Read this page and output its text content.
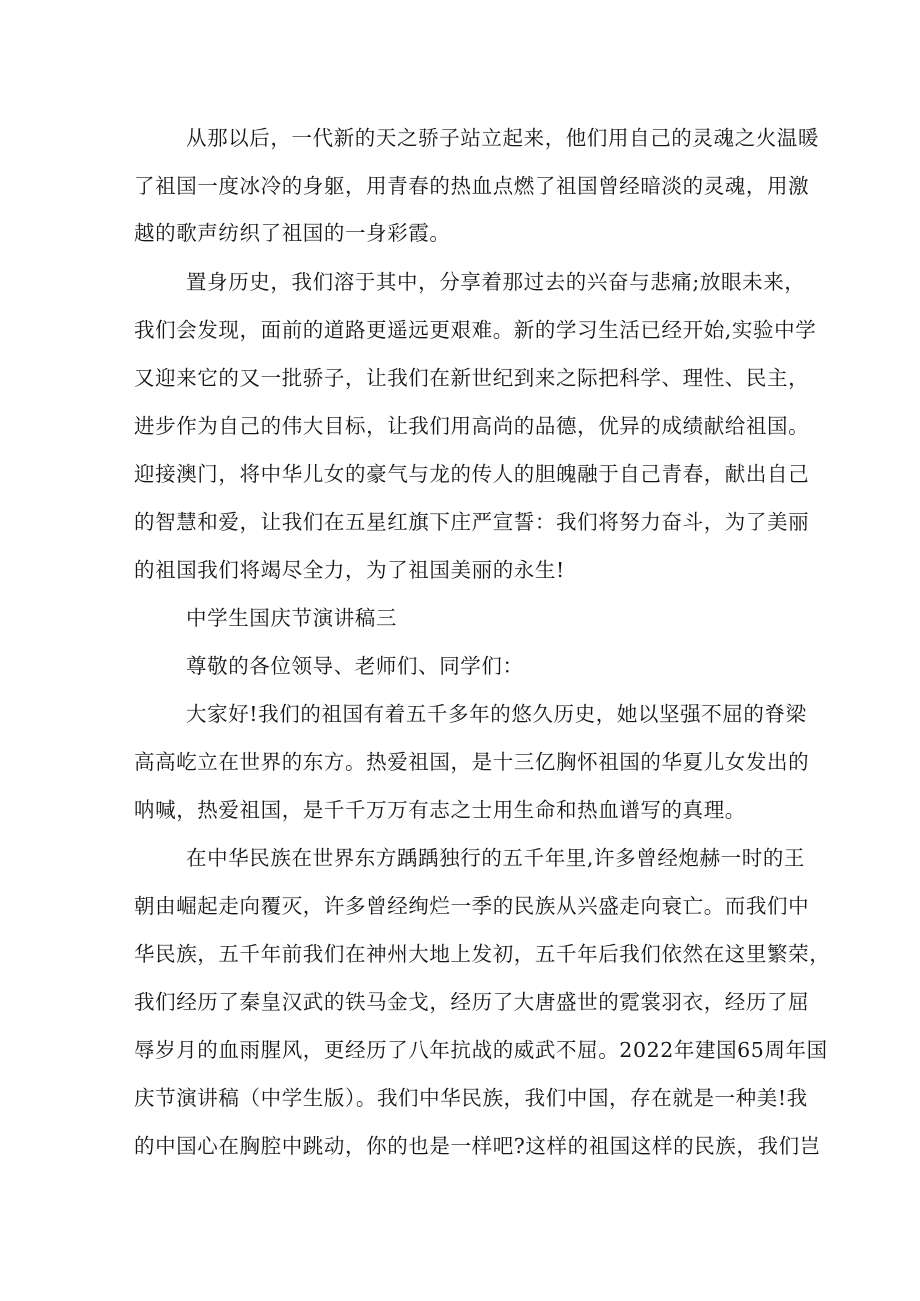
从那以后，一代新的天之骄子站立起来，他们用自己的灵魂之火温暖

了祖国一度冰冷的身躯，用青春的热血点燃了祖国曾经暗淡的灵魂，用激

越的歌声纺织了祖国的一身彩霞。

置身历史，我们溶于其中，分享着那过去的兴奋与悲痛;放眼未来，

我们会发现，面前的道路更遥远更艰难。新的学习生活已经开始,实验中学

又迎来它的又一批骄子，让我们在新世纪到来之际把科学、理性、民主，

进步作为自己的伟大目标，让我们用高尚的品德，优异的成绩献给祖国。

迎接澳门，将中华儿女的豪气与龙的传人的胆魄融于自己青春，献出自己

的智慧和爱，让我们在五星红旗下庄严宣誓：我们将努力奋斗，为了美丽

的祖国我们将竭尽全力，为了祖国美丽的永生!

中学生国庆节演讲稿三

尊敬的各位领导、老师们、同学们：

大家好!我们的祖国有着五千多年的悠久历史，她以坚强不屈的脊梁

高高屹立在世界的东方。热爱祖国，是十三亿胸怀祖国的华夏儿女发出的

呐喊，热爱祖国，是千千万万有志之士用生命和热血谱写的真理。

在中华民族在世界东方踽踽独行的五千年里,许多曾经炮赫一时的王

朝由崛起走向覆灭，许多曾经绚烂一季的民族从兴盛走向衰亡。而我们中

华民族，五千年前我们在神州大地上发初，五千年后我们依然在这里繁荣，

我们经历了秦皇汉武的铁马金戈，经历了大唐盛世的霓裳羽衣，经历了屈

辱岁月的血雨腥风，更经历了八年抗战的威武不屈。2022年建国65周年国

庆节演讲稿（中学生版）。我们中华民族，我们中国，存在就是一种美!我

的中国心在胸腔中跳动，你的也是一样吧?这样的祖国这样的民族，我们岂
